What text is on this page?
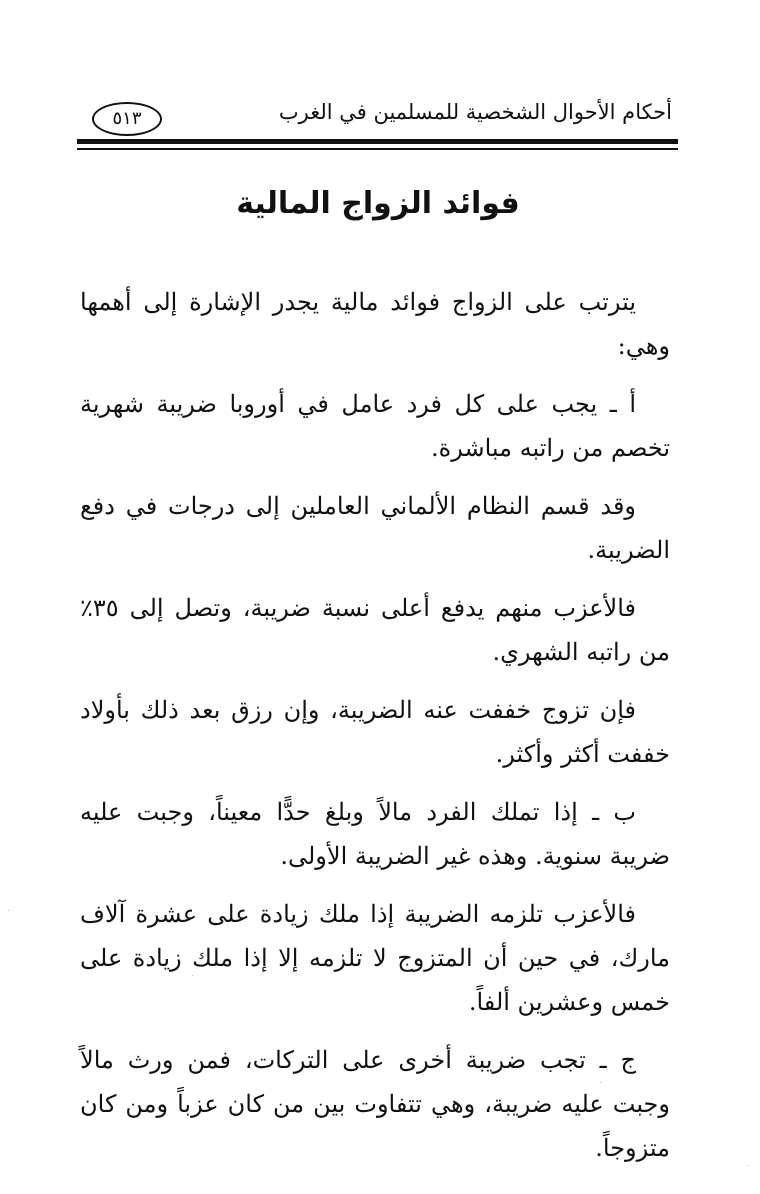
أحكام الأحوال الشخصية للمسلمين في الغرب
٥١٣
فوائد الزواج المالية

يترتب على الزواج فوائد مالية يجدر الإشارة إلى أهمها وهي:

أ ـ يجب على كل فرد عامل في أوروبا ضريبة شهرية تخصم من راتبه مباشرة.

وقد قسم النظام الألماني العاملين إلى درجات في دفع الضريبة.

فالأعزب منهم يدفع أعلى نسبة ضريبة، وتصل إلى ٣٥٪ من راتبه الشهري.

فإن تزوج خففت عنه الضريبة، وإن رزق بعد ذلك بأولاد خففت أكثر وأكثر.

ب ـ إذا تملك الفرد مالاً وبلغ حدًّا معيناً، وجبت عليه ضريبة سنوية. وهذه غير الضريبة الأولى.

فالأعزب تلزمه الضريبة إذا ملك زيادة على عشرة آلاف مارك، في حين أن المتزوج لا تلزمه إلا إذا ملك زيادة على خمس وعشرين ألفاً.

ج ـ تجب ضريبة أخرى على التركات، فمن ورث مالاً وجبت عليه ضريبة، وهي تتفاوت بين من كان عزباً ومن كان متزوجاً.
